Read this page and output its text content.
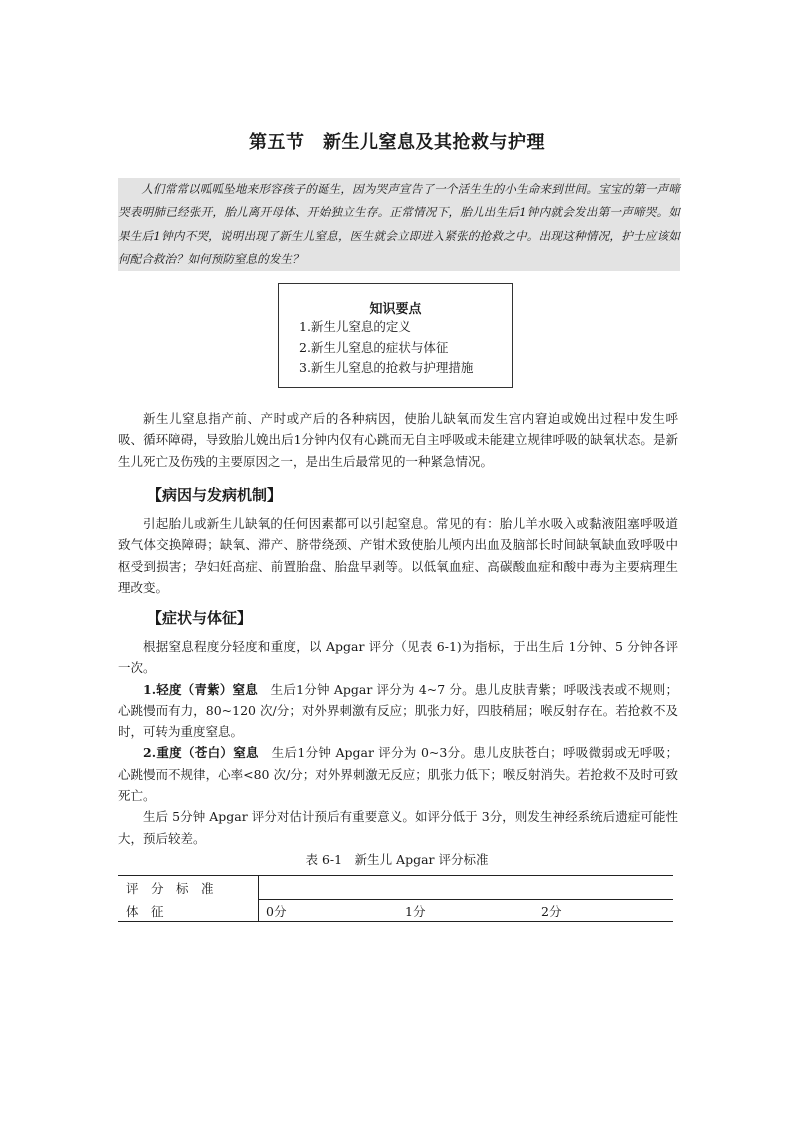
第五节　新生儿窒息及其抢救与护理
人们常常以呱呱坠地来形容孩子的诞生，因为哭声宣告了一个活生生的小生命来到世间。宝宝的第一声啼哭表明肺已经张开，胎儿离开母体、开始独立生存。正常情况下，胎儿出生后1钟内就会发出第一声啼哭。如果生后1钟内不哭，说明出现了新生儿窒息，医生就会立即进入紧张的抢救之中。出现这种情况，护士应该如何配合救治？如何预防窒息的发生？
知识要点
1.新生儿窒息的定义
2.新生儿窒息的症状与体征
3.新生儿窒息的抢救与护理措施
新生儿窒息指产前、产时或产后的各种病因，使胎儿缺氧而发生宫内窘迫或娩出过程中发生呼吸、循环障碍，导致胎儿娩出后1分钟内仅有心跳而无自主呼吸或未能建立规律呼吸的缺氧状态。是新生儿死亡及伤残的主要原因之一，是出生后最常见的一种紧急情况。
【病因与发病机制】
引起胎儿或新生儿缺氧的任何因素都可以引起窒息。常见的有：胎儿羊水吸入或黏液阻塞呼吸道致气体交换障碍；缺氧、滞产、脐带绕颈、产钳术致使胎儿颅内出血及脑部长时间缺氧缺血致呼吸中枢受到损害；孕妇妊高症、前置胎盘、胎盘早剥等。以低氧血症、高碳酸血症和酸中毒为主要病理生理改变。
【症状与体征】
根据窒息程度分轻度和重度，以 Apgar 评分（见表 6-1)为指标，于出生后 1分钟、5 分钟各评一次。
1.轻度（青紫）窒息　 生后1分钟 Apgar 评分为 4~7 分。患儿皮肤青紫；呼吸浅表或不规则；心跳慢而有力，80~120 次/分；对外界刺激有反应；肌张力好，四肢稍屈；喉反射存在。若抢救不及时，可转为重度窒息。
2.重度（苍白）窒息　 生后1分钟 Apgar 评分为 0~3分。患儿皮肤苍白；呼吸微弱或无呼吸；心跳慢而不规律，心率<80 次/分；对外界刺激无反应；肌张力低下；喉反射消失。若抢救不及时可致死亡。
生后 5分钟 Apgar 评分对估计预后有重要意义。如评分低于 3分，则发生神经系统后遗症可能性大，预后较差。
表 6-1　新生儿 Apgar 评分标准
评　分　标　准
体　征	0分	1分	2分
